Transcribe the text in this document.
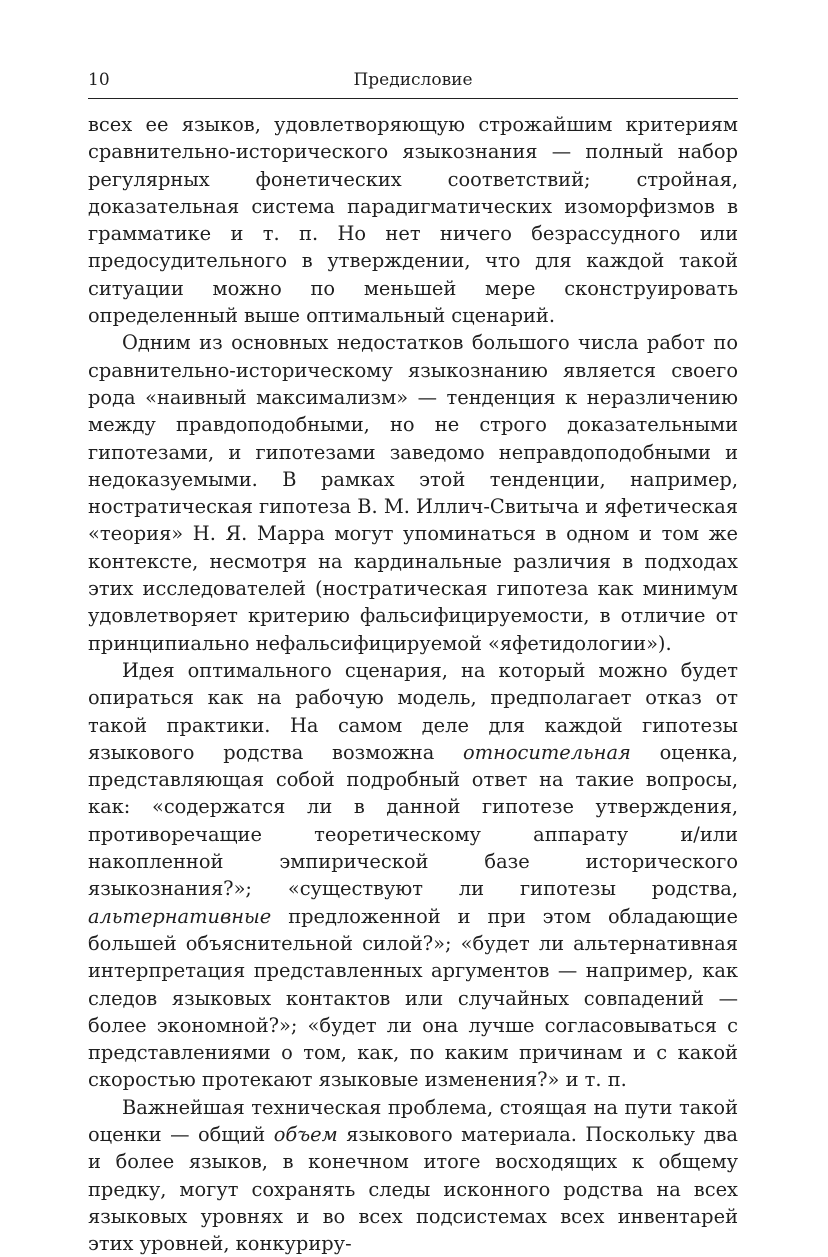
10	Предисловие

всех ее языков, удовлетворяющую строжайшим критериям сравнительно-исторического языкознания — полный набор регулярных фонетических соответствий; стройная, доказательная система парадигматических изоморфизмов в грамматике и т. п. Но нет ничего безрассудного или предосудительного в утверждении, что для каждой такой ситуации можно по меньшей мере сконструировать определенный выше оптимальный сценарий.

Одним из основных недостатков большого числа работ по сравнительно-историческому языкознанию является своего рода «наивный максимализм» — тенденция к неразличению между правдоподобными, но не строго доказательными гипотезами, и гипотезами заведомо неправдоподобными и недоказуемыми. В рамках этой тенденции, например, ностратическая гипотеза В. М. Иллич-Свитыча и яфетическая «теория» Н. Я. Марра могут упоминаться в одном и том же контексте, несмотря на кардинальные различия в подходах этих исследователей (ностратическая гипотеза как минимум удовлетворяет критерию фальсифицируемости, в отличие от принципиально нефальсифицируемой «яфетидологии»).

Идея оптимального сценария, на который можно будет опираться как на рабочую модель, предполагает отказ от такой практики. На самом деле для каждой гипотезы языкового родства возможна относительная оценка, представляющая собой подробный ответ на такие вопросы, как: «содержатся ли в данной гипотезе утверждения, противоречащие теоретическому аппарату и/или накопленной эмпирической базе исторического языкознания?»; «существуют ли гипотезы родства, альтернативные предложенной и при этом обладающие большей объяснительной силой?»; «будет ли альтернативная интерпретация представленных аргументов — например, как следов языковых контактов или случайных совпадений — более экономной?»; «будет ли она лучше согласовываться с представлениями о том, как, по каким причинам и с какой скоростью протекают языковые изменения?» и т. п.

Важнейшая техническая проблема, стоящая на пути такой оценки — общий объем языкового материала. Поскольку два и более языков, в конечном итоге восходящих к общему предку, могут сохранять следы исконного родства на всех языковых уровнях и во всех подсистемах всех инвентарей этих уровней, конкуриру-
